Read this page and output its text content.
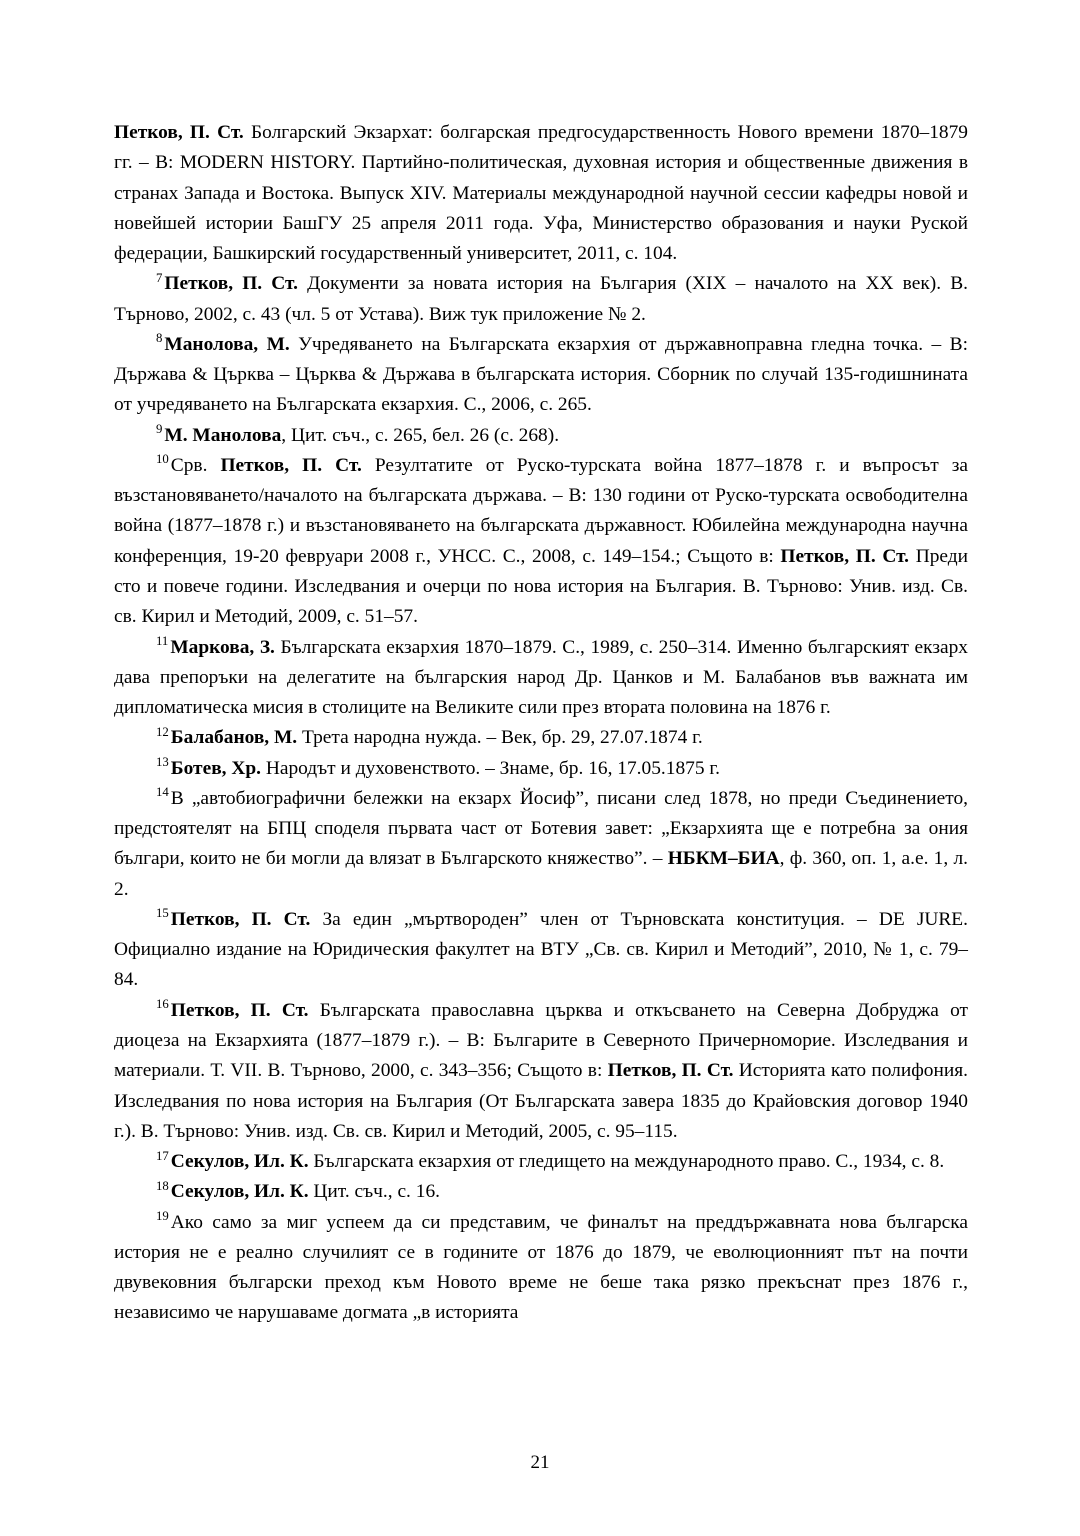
Петков, П. Ст. Болгарский Экзархат: болгарская предгосударственность Нового времени 1870–1879 гг. – В: MODERN HISTORY. Партийно-политическая, духовная история и общественные движения в странах Запада и Востока. Выпуск XIV. Материалы международной научной сессии кафедры новой и новейшей истории БашГУ 25 апреля 2011 года. Уфа, Министерство образования и науки Руской федерации, Башкирский государственный университет, 2011, с. 104.

$^7$ Петков, П. Ст. Документи за новата история на България (XIX – началото на XX век). В. Търново, 2002, с. 43 (чл. 5 от Устава). Виж тук приложение № 2.

$^8$ Манолова, М. Учредяването на Българската екзархия от държавноправна гледна точка. – В: Държава & Църква – Църква & Държава в българската история. Сборник по случай 135-годишнината от учредяването на Българската екзархия. С., 2006, с. 265.

$^9$ М. Манолова, Цит. съч., с. 265, бел. 26 (с. 268).

$^{10}$ Срв. Петков, П. Ст. Резултатите от Руско-турската война 1877–1878 г. и въпросът за възстановяването/началото на българската държава. – В: 130 години от Руско-турската освободителна война (1877–1878 г.) и възстановяването на българската държавност. Юбилейна международна научна конференция, 19-20 февруари 2008 г., УНСС. С., 2008, с. 149–154.; Същото в: Петков, П. Ст. Преди сто и повече години. Изследвания и очерци по нова история на България. В. Търново: Унив. изд. Св. св. Кирил и Методий, 2009, с. 51–57.

$^{11}$ Маркова, З. Българската екзархия 1870–1879. С., 1989, с. 250–314. Именно българският екзарх дава препоръки на делегатите на българския народ Др. Цанков и М. Балабанов във важната им дипломатическа мисия в столиците на Великите сили през втората половина на 1876 г.

$^{12}$ Балабанов, М. Трета народна нужда. – Век, бр. 29, 27.07.1874 г.

$^{13}$ Ботев, Хр. Народът и духовенството. – Знаме, бр. 16, 17.05.1875 г.

$^{14}$ В „автобиографични бележки на екзарх Йосиф”, писани след 1878, но преди Съединението, предстоятелят на БПЦ споделя първата част от Ботевия завет: „Екзархията ще е потребна за ония българи, които не би могли да влязат в Българското княжество”. – НБКМ–БИА, ф. 360, оп. 1, а.е. 1, л. 2.

$^{15}$ Петков, П. Ст. За един „мъртвороден” член от Търновската конституция. – DE JURE. Официално издание на Юридическия факултет на ВТУ „Св. св. Кирил и Методий”, 2010, № 1, с. 79–84.

$^{16}$ Петков, П. Ст. Българската православна църква и откъсването на Северна Добруджа от диоцеза на Екзархията (1877–1879 г.). – В: Българите в Северното Причерноморие. Изследвания и материали. Т. VII. В. Търново, 2000, с. 343–356; Същото в: Петков, П. Ст. Историята като полифония. Изследвания по нова история на България (От Българската завера 1835 до Крайовския договор 1940 г.). В. Търново: Унив. изд. Св. св. Кирил и Методий, 2005, с. 95–115.

$^{17}$ Секулов, Ил. К. Българската екзархия от гледището на международното право. С., 1934, с. 8.

$^{18}$ Секулов, Ил. К. Цит. съч., с. 16.

$^{19}$ Ако само за миг успеем да си представим, че финалът на преддържавната нова българска история не е реално случилият се в годините от 1876 до 1879, че еволюционният път на почти двувековния български преход към Новото време не беше така рязко прекъснат през 1876 г., независимо че нарушаваме догмата „в историята

21
